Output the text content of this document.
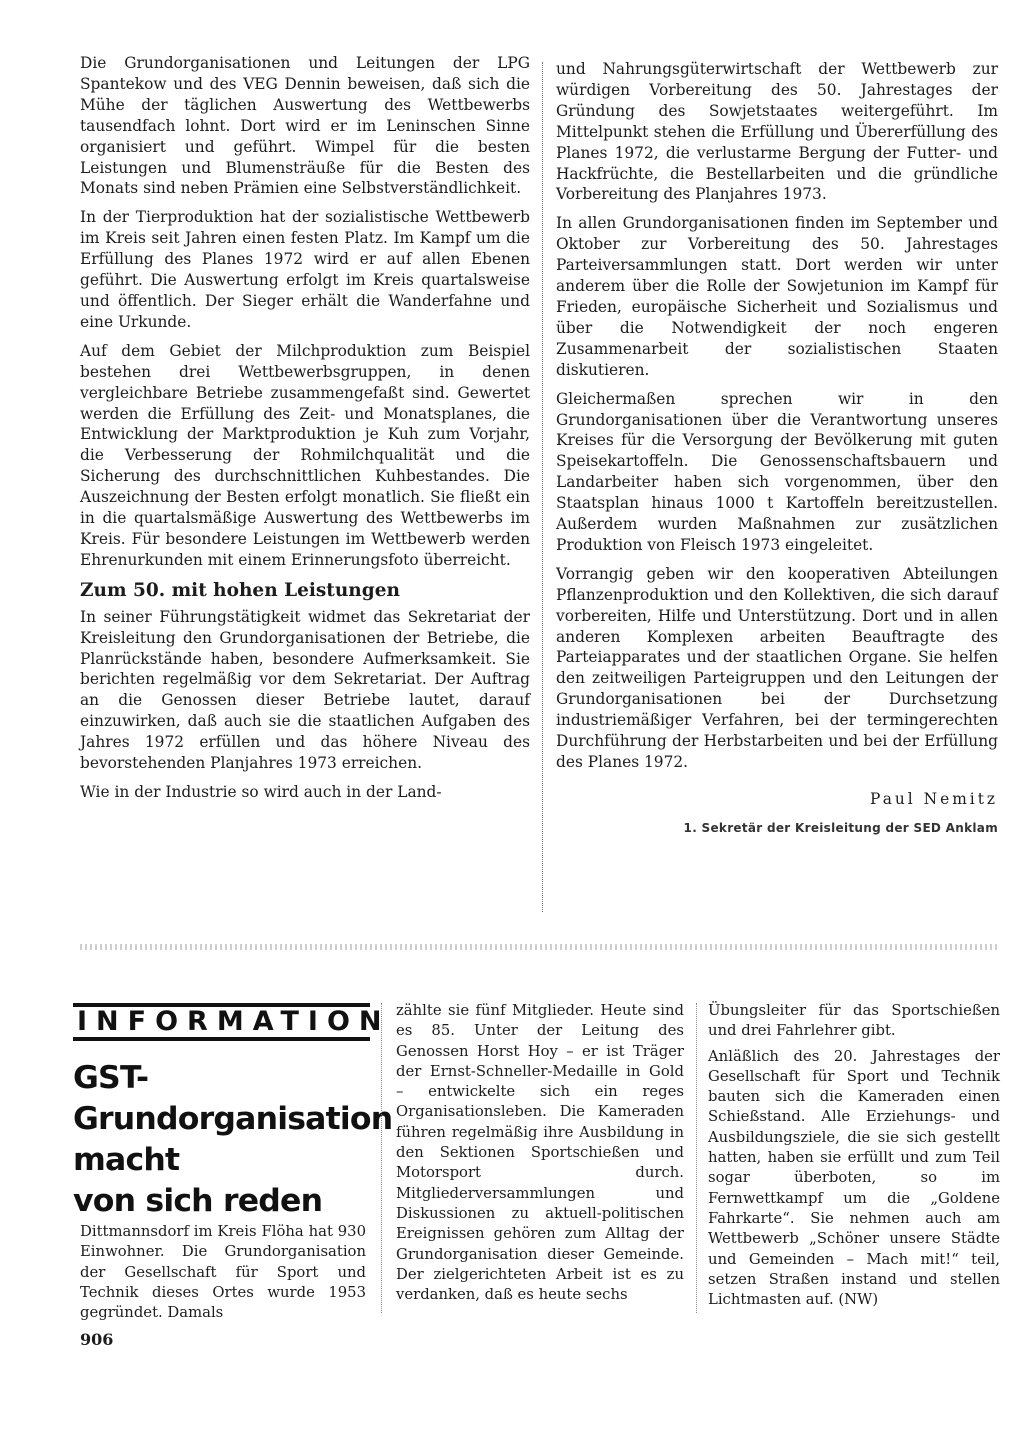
Die Grundorganisationen und Leitungen der LPG Spantekow und des VEG Dennin beweisen, daß sich die Mühe der täglichen Auswertung des Wettbewerbs tausendfach lohnt. Dort wird er im Leninschen Sinne organisiert und geführt. Wimpel für die besten Leistungen und Blumensträuße für die Besten des Monats sind neben Prämien eine Selbstverständlichkeit.

In der Tierproduktion hat der sozialistische Wettbewerb im Kreis seit Jahren einen festen Platz. Im Kampf um die Erfüllung des Planes 1972 wird er auf allen Ebenen geführt. Die Auswertung erfolgt im Kreis quartalsweise und öffentlich. Der Sieger erhält die Wanderfahne und eine Urkunde.

Auf dem Gebiet der Milchproduktion zum Beispiel bestehen drei Wettbewerbsgruppen, in denen vergleichbare Betriebe zusammengefaßt sind. Gewertet werden die Erfüllung des Zeit- und Monatsplanes, die Entwicklung der Marktproduktion je Kuh zum Vorjahr, die Verbesserung der Rohmilchqualität und die Sicherung des durchschnittlichen Kuhbestandes. Die Auszeichnung der Besten erfolgt monatlich. Sie fließt ein in die quartalsmäßige Auswertung des Wettbewerbs im Kreis. Für besondere Leistungen im Wettbewerb werden Ehrenurkunden mit einem Erinnerungsfoto überreicht.

Zum 50. mit hohen Leistungen

In seiner Führungstätigkeit widmet das Sekretariat der Kreisleitung den Grundorganisationen der Betriebe, die Planrückstände haben, besondere Aufmerksamkeit. Sie berichten regelmäßig vor dem Sekretariat. Der Auftrag an die Genossen dieser Betriebe lautet, darauf einzuwirken, daß auch sie die staatlichen Aufgaben des Jahres 1972 erfüllen und das höhere Niveau des bevorstehenden Planjahres 1973 erreichen.

Wie in der Industrie so wird auch in der Land-

und Nahrungsgüterwirtschaft der Wettbewerb zur würdigen Vorbereitung des 50. Jahrestages der Gründung des Sowjetstaates weitergeführt. Im Mittelpunkt stehen die Erfüllung und Übererfüllung des Planes 1972, die verlustarme Bergung der Futter- und Hackfrüchte, die Bestellarbeiten und die gründliche Vorbereitung des Planjahres 1973.

In allen Grundorganisationen finden im September und Oktober zur Vorbereitung des 50. Jahrestages Parteiversammlungen statt. Dort werden wir unter anderem über die Rolle der Sowjetunion im Kampf für Frieden, europäische Sicherheit und Sozialismus und über die Notwendigkeit der noch engeren Zusammenarbeit der sozialistischen Staaten diskutieren.

Gleichermaßen sprechen wir in den Grundorganisationen über die Verantwortung unseres Kreises für die Versorgung der Bevölkerung mit guten Speisekartoffeln. Die Genossenschaftsbauern und Landarbeiter haben sich vorgenommen, über den Staatsplan hinaus 1000 t Kartoffeln bereitzustellen. Außerdem wurden Maßnahmen zur zusätzlichen Produktion von Fleisch 1973 eingeleitet.

Vorrangig geben wir den kooperativen Abteilungen Pflanzenproduktion und den Kollektiven, die sich darauf vorbereiten, Hilfe und Unterstützung. Dort und in allen anderen Komplexen arbeiten Beauftragte des Parteiapparates und der staatlichen Organe. Sie helfen den zeitweiligen Parteigruppen und den Leitungen der Grundorganisationen bei der Durchsetzung industriemäßiger Verfahren, bei der termingerechten Durchführung der Herbstarbeiten und bei der Erfüllung des Planes 1972.

Paul Nemitz
1. Sekretär der Kreisleitung der SED Anklam
INFORMATION
GST-
Grundorganisation
macht
von sich reden

Dittmannsdorf im Kreis Flöha hat 930 Einwohner. Die Grundorganisation der Gesellschaft für Sport und Technik dieses Ortes wurde 1953 gegründet. Damals

zählte sie fünf Mitglieder. Heute sind es 85. Unter der Leitung des Genossen Horst Hoy – er ist Träger der Ernst-Schneller-Medaille in Gold – entwickelte sich ein reges Organisationsleben. Die Kameraden führen regelmäßig ihre Ausbildung in den Sektionen Sportschießen und Motorsport durch. Mitgliederversammlungen und Diskussionen zu aktuell-politischen Ereignissen gehören zum Alltag der Grundorganisation dieser Gemeinde. Der zielgerichteten Arbeit ist es zu verdanken, daß es heute sechs

Übungsleiter für das Sportschießen und drei Fahrlehrer gibt.

Anläßlich des 20. Jahrestages der Gesellschaft für Sport und Technik bauten sich die Kameraden einen Schießstand. Alle Erziehungs- und Ausbildungsziele, die sie sich gestellt hatten, haben sie erfüllt und zum Teil sogar überboten, so im Fernwettkampf um die „Goldene Fahrkarte“. Sie nehmen auch am Wettbewerb „Schöner unsere Städte und Gemeinden – Mach mit!“ teil, setzen Straßen instand und stellen Lichtmasten auf. (NW)

906
